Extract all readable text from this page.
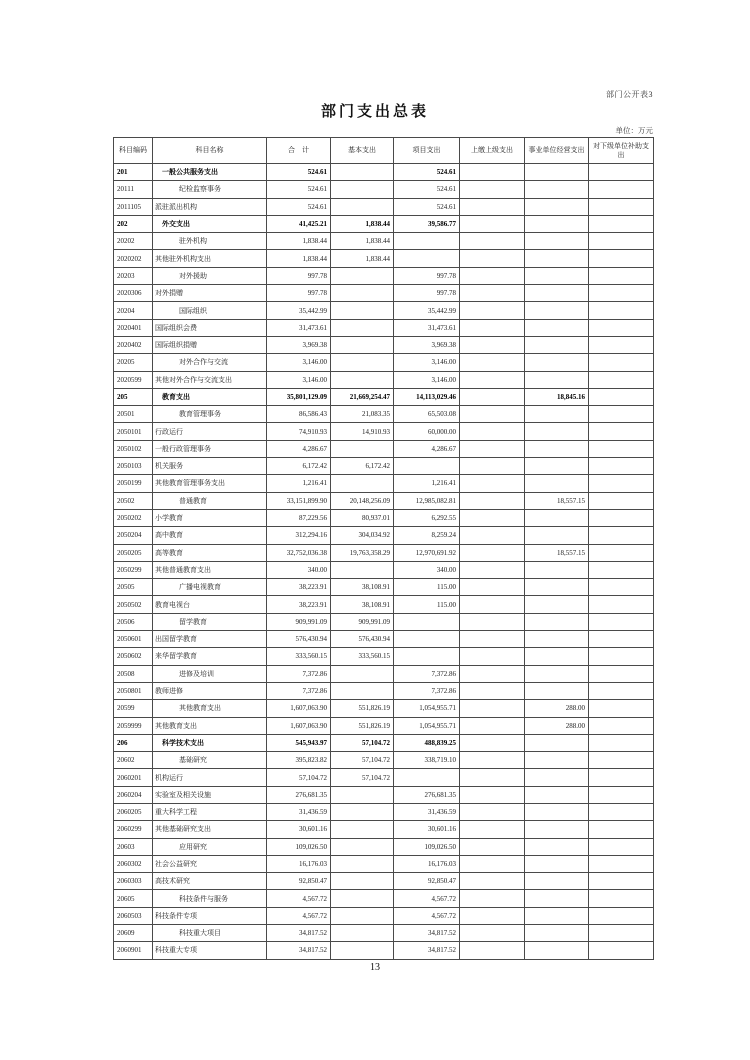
部门公开表3
部门支出总表
单位：万元
科目编码	科目名称	合　计	基本支出	项目支出	上缴上级支出	事业单位经营支出	对下级单位补助支出
201	一般公共服务支出	524.61		524.61			
20111	纪检监察事务	524.61		524.61			
2011105	派驻派出机构	524.61		524.61			
202	外交支出	41,425.21	1,838.44	39,586.77			
20202	驻外机构	1,838.44	1,838.44				
2020202	其他驻外机构支出	1,838.44	1,838.44				
20203	对外援助	997.78		997.78			
2020306	对外捐赠	997.78		997.78			
20204	国际组织	35,442.99		35,442.99			
2020401	国际组织会费	31,473.61		31,473.61			
2020402	国际组织捐赠	3,969.38		3,969.38			
20205	对外合作与交流	3,146.00		3,146.00			
2020599	其他对外合作与交流支出	3,146.00		3,146.00			
205	教育支出	35,801,129.09	21,669,254.47	14,113,029.46		18,845.16	
20501	教育管理事务	86,586.43	21,083.35	65,503.08			
2050101	行政运行	74,910.93	14,910.93	60,000.00			
2050102	一般行政管理事务	4,286.67		4,286.67			
2050103	机关服务	6,172.42	6,172.42				
2050199	其他教育管理事务支出	1,216.41		1,216.41			
20502	普通教育	33,151,899.90	20,148,256.09	12,985,082.81		18,557.15	
2050202	小学教育	87,229.56	80,937.01	6,292.55			
2050204	高中教育	312,294.16	304,034.92	8,259.24			
2050205	高等教育	32,752,036.38	19,763,358.29	12,970,691.92		18,557.15	
2050299	其他普通教育支出	340.00		340.00			
20505	广播电视教育	38,223.91	38,108.91	115.00			
2050502	教育电视台	38,223.91	38,108.91	115.00			
20506	留学教育	909,991.09	909,991.09				
2050601	出国留学教育	576,430.94	576,430.94				
2050602	来华留学教育	333,560.15	333,560.15				
20508	进修及培训	7,372.86		7,372.86			
2050801	教师进修	7,372.86		7,372.86			
20599	其他教育支出	1,607,063.90	551,826.19	1,054,955.71		288.00	
2059999	其他教育支出	1,607,063.90	551,826.19	1,054,955.71		288.00	
206	科学技术支出	545,943.97	57,104.72	488,839.25			
20602	基础研究	395,823.82	57,104.72	338,719.10			
2060201	机构运行	57,104.72	57,104.72				
2060204	实验室及相关设施	276,681.35		276,681.35			
2060205	重大科学工程	31,436.59		31,436.59			
2060299	其他基础研究支出	30,601.16		30,601.16			
20603	应用研究	109,026.50		109,026.50			
2060302	社会公益研究	16,176.03		16,176.03			
2060303	高技术研究	92,850.47		92,850.47			
20605	科技条件与服务	4,567.72		4,567.72			
2060503	科技条件专项	4,567.72		4,567.72			
20609	科技重大项目	34,817.52		34,817.52			
2060901	科技重大专项	34,817.52		34,817.52			
13
